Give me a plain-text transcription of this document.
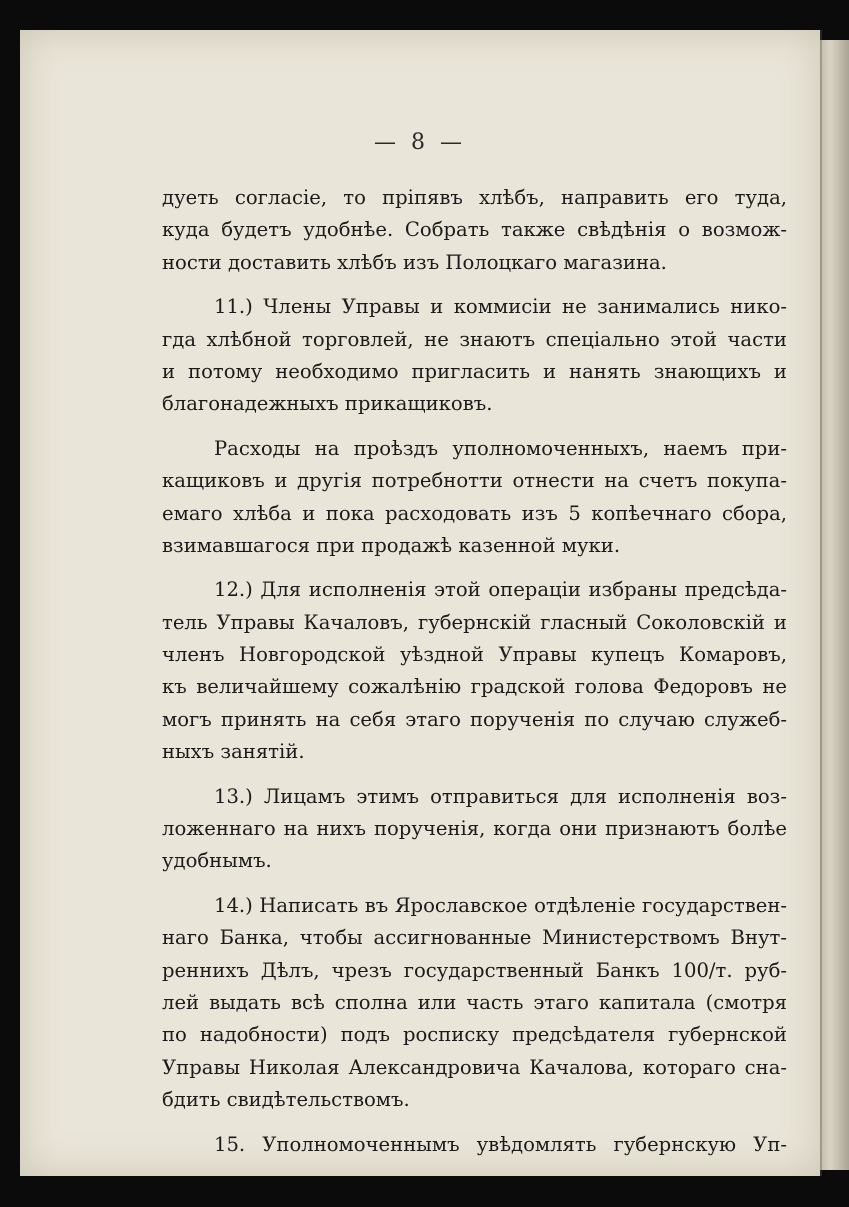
— 8 —
дуеть согласіе, то пріпявъ хлѣбъ, направить его туда,
куда будетъ удобнѣе. Собрать также свѣдѣнія о возмож-
ности доставить хлѣбъ изъ Полоцкаго магазина.
11.) Члены Управы и коммисіи не занимались нико-
гда хлѣбной торговлей, не знаютъ спеціально этой части
и потому необходимо пригласить и нанять знающихъ и
благонадежныхъ прикащиковъ.
Расходы на проѣздъ уполномоченныхъ, наемъ при-
кащиковъ и другія потребнотти отнести на счетъ покупа-
емаго хлѣба и пока расходовать изъ 5 копѣечнаго сбора,
взимавшагося при продажѣ казенной муки.
12.) Для исполненія этой операціи избраны предсѣда-
тель Управы Качаловъ, губернскій гласный Соколовскій и
членъ Новгородской уѣздной Управы купецъ Комаровъ,
къ величайшему сожалѣнію градской голова Федоровъ не
могъ принять на себя этаго порученія по случаю служеб-
ныхъ занятій.
13.) Лицамъ этимъ отправиться для исполненія воз-
ложеннаго на нихъ порученія, когда они признаютъ болѣе
удобнымъ.
14.) Написать въ Ярославское отдѣленіе государствен-
наго Банка, чтобы ассигнованные Министерствомъ Внут-
реннихъ Дѣлъ, чрезъ государственный Банкъ 100/т. руб-
лей выдать всѣ сполна или часть этаго капитала (смотря
по надобности) подъ росписку предсѣдателя губернской
Управы Николая Александровича Качалова, котораго сна-
бдить свидѣтельствомъ.
15. Уполномоченнымъ увѣдомлять губернскую Уп-
